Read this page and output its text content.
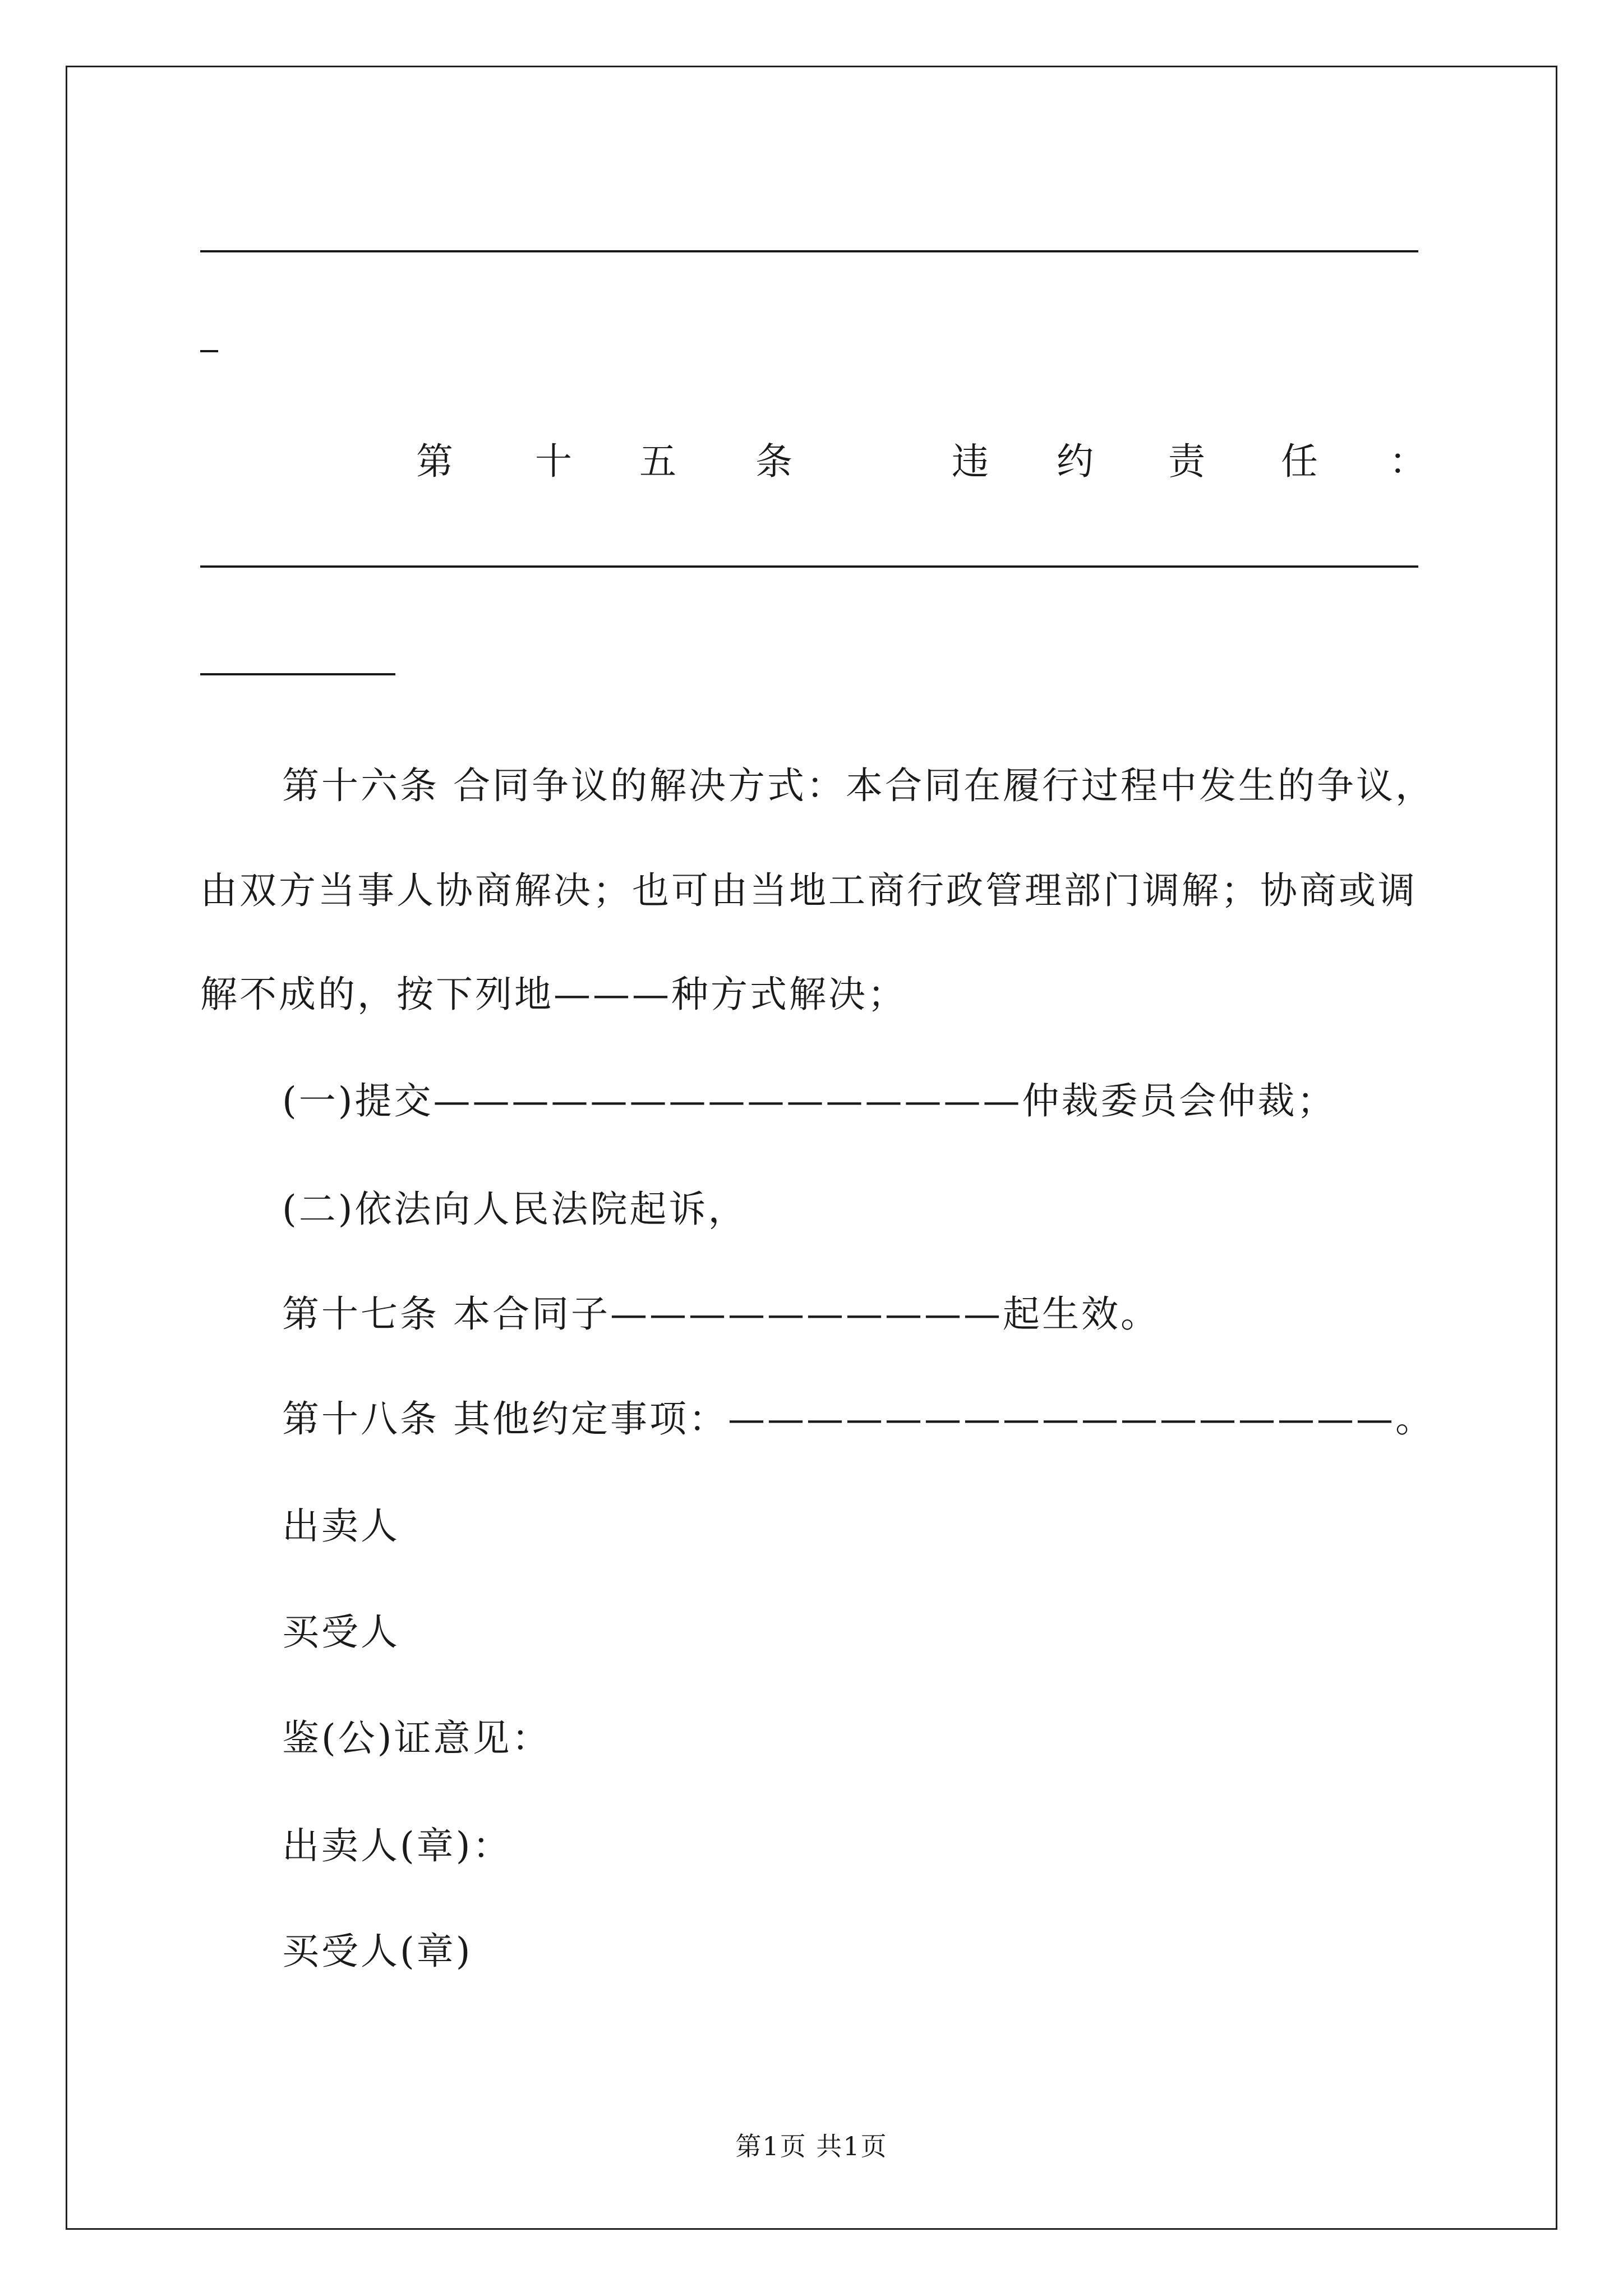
第 十 五 条	违 约 责 任 ：
第十六条 合同争议的解决方式：本合同在履行过程中发生的争议，
由双方当事人协商解决；也可由当地工商行政管理部门调解；协商或调
解不成的，按下列地———种方式解决；
(一)提交———————————————仲裁委员会仲裁；
(二)依法向人民法院起诉，
第十七条 本合同子——————————起生效。
第十八条 其他约定事项：—————————————————。
出卖人
买受人
鉴(公)证意见：
出卖人(章)：
买受人(章)
第1页 共1页
